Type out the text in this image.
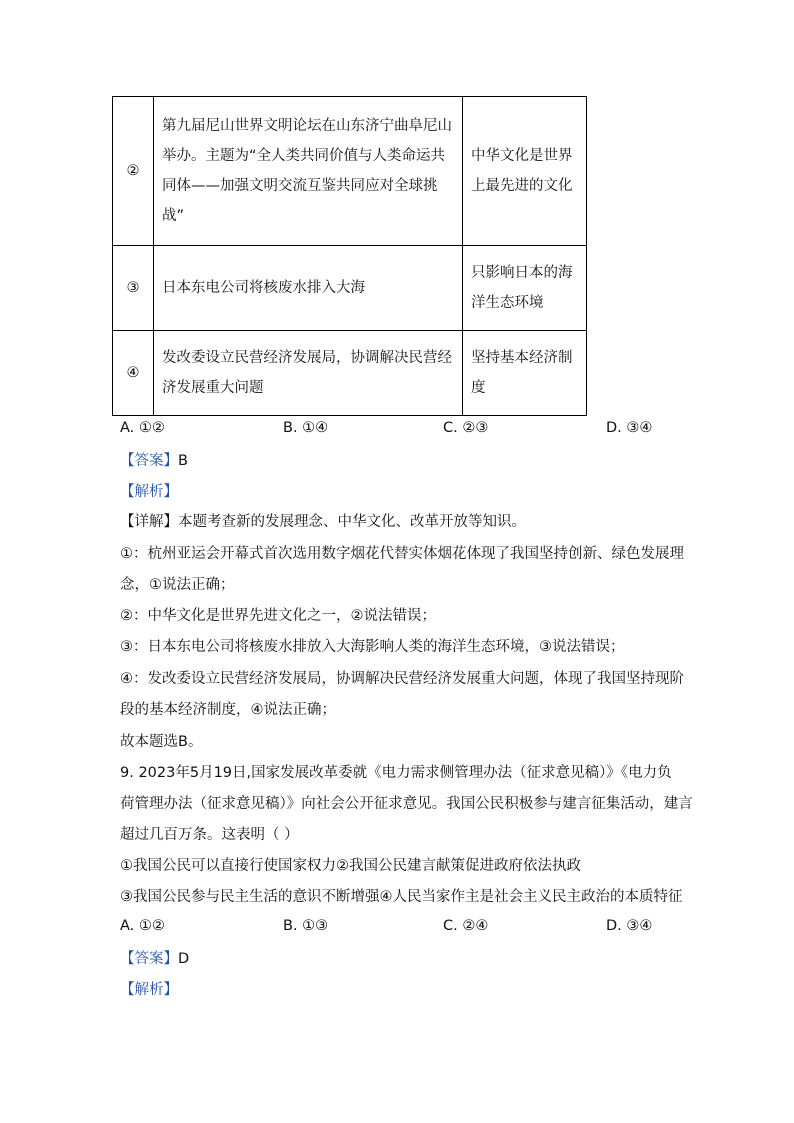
②	第九届尼山世界文明论坛在山东济宁曲阜尼山举办。主题为“全人类共同价值与人类命运共同体——加强文明交流互鉴共同应对全球挑战”	中华文化是世界上最先进的文化
③	日本东电公司将核废水排入大海	只影响日本的海洋生态环境
④	发改委设立民营经济发展局，协调解决民营经济发展重大问题	坚持基本经济制度
A. ①②	B. ①④	C. ②③	D. ③④
【答案】B
【解析】
【详解】本题考查新的发展理念、中华文化、改革开放等知识。
①：杭州亚运会开幕式首次选用数字烟花代替实体烟花体现了我国坚持创新、绿色发展理
念，①说法正确；
②：中华文化是世界先进文化之一，②说法错误；
③：日本东电公司将核废水排放入大海影响人类的海洋生态环境，③说法错误；
④：发改委设立民营经济发展局，协调解决民营经济发展重大问题，体现了我国坚持现阶
段的基本经济制度，④说法正确；
故本题选B。
9. 2023年5月19日,国家发展改革委就《电力需求侧管理办法（征求意见稿）》《电力负
荷管理办法（征求意见稿）》向社会公开征求意见。我国公民积极参与建言征集活动，建言
超过几百万条。这表明（ ）
①我国公民可以直接行使国家权力②我国公民建言献策促进政府依法执政
③我国公民参与民主生活的意识不断增强④人民当家作主是社会主义民主政治的本质特征
A. ①②	B. ①③	C. ②④	D. ③④
【答案】D
【解析】
